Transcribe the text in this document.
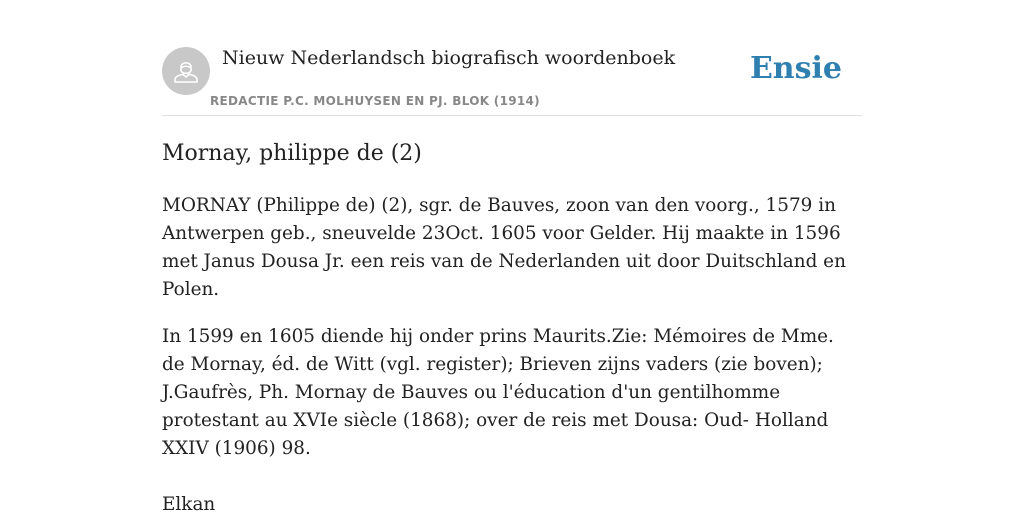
Nieuw Nederlandsch biografisch woordenboek
REDACTIE P.C. MOLHUYSEN EN PJ. BLOK (1914)
Ensie
Mornay, philippe de (2)

MORNAY (Philippe de) (2), sgr. de Bauves, zoon van den voorg., 1579 in Antwerpen geb., sneuvelde 23Oct. 1605 voor Gelder. Hij maakte in 1596 met Janus Dousa Jr. een reis van de Nederlanden uit door Duitschland en Polen.

In 1599 en 1605 diende hij onder prins Maurits.Zie: Mémoires de Mme. de Mornay, éd. de Witt (vgl. register); Brieven zijns vaders (zie boven); J.Gaufrès, Ph. Mornay de Bauves ou l'éducation d'un gentilhomme protestant au XVIe siècle (1868); over de reis met Dousa: Oud- Holland XXIV (1906) 98.

Elkan
